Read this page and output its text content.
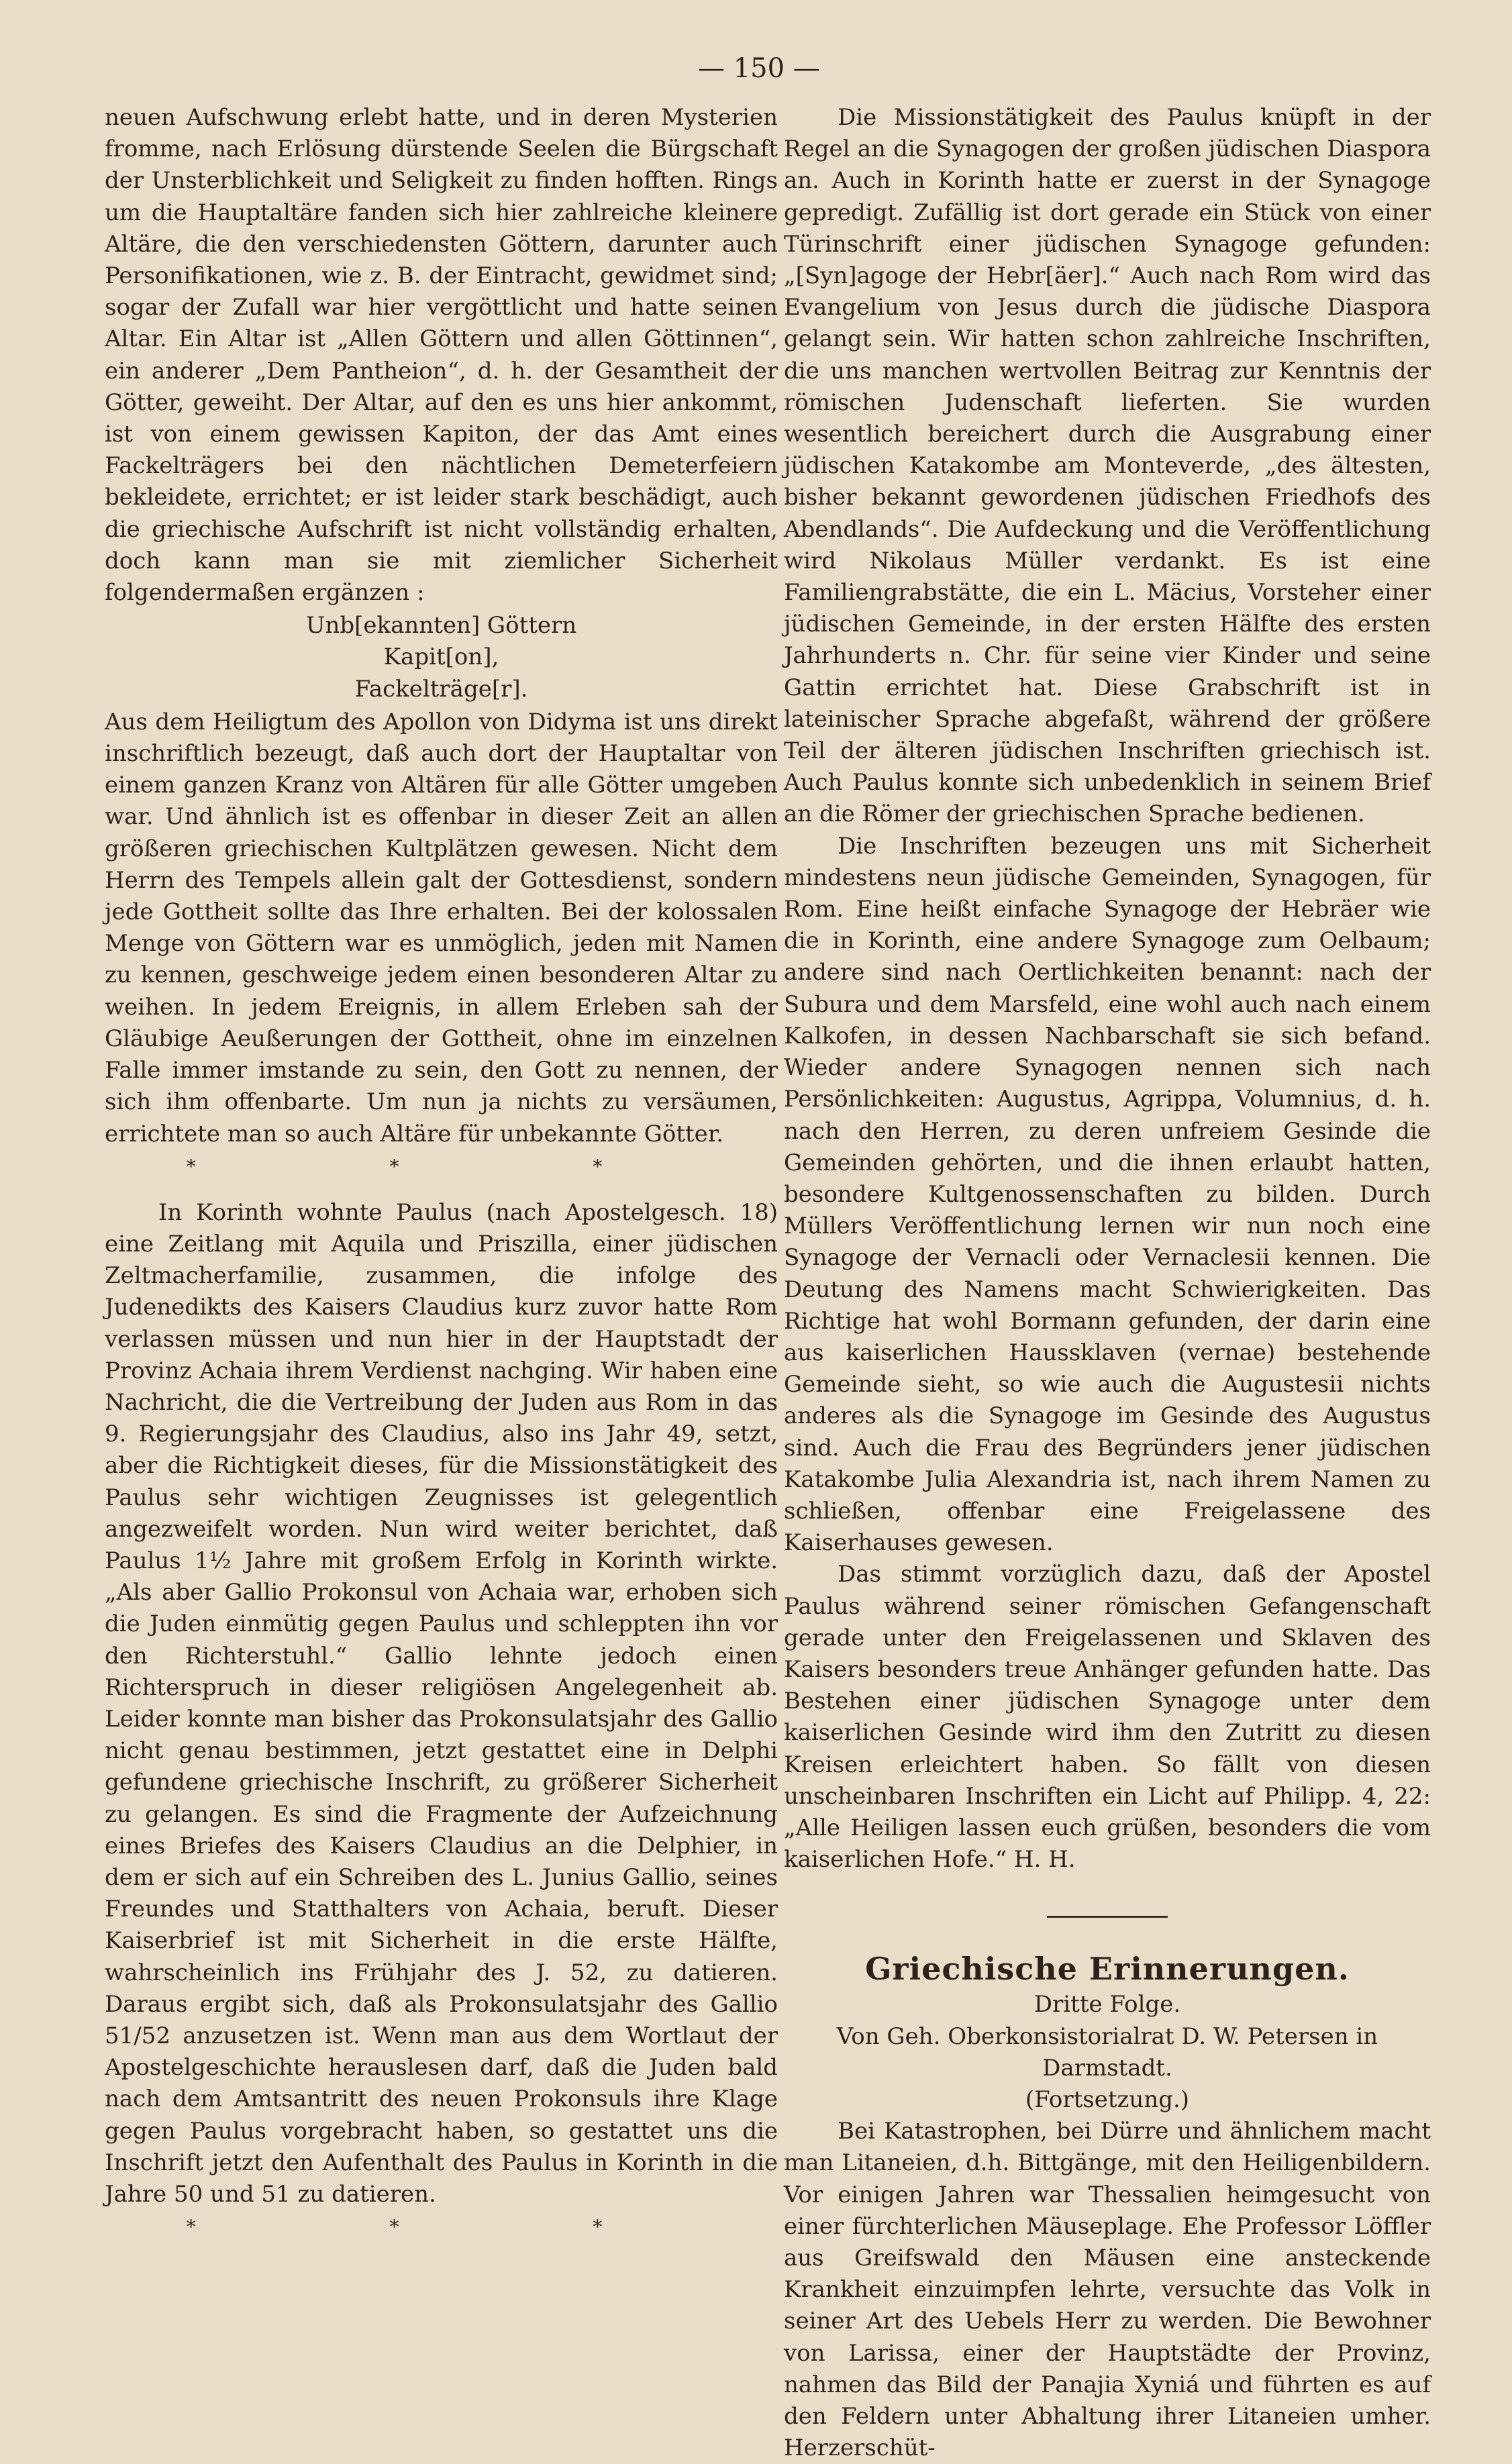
— 150 —

neuen Aufschwung erlebt hatte, und in deren Mysterien fromme, nach Erlösung dürstende Seelen die Bürgschaft der Unsterblichkeit und Seligkeit zu finden hofften. Rings um die Hauptaltäre fanden sich hier zahlreiche kleinere Altäre, die den verschiedensten Göttern, darunter auch Personifikationen, wie z. B. der Eintracht, gewidmet sind; sogar der Zufall war hier vergöttlicht und hatte seinen Altar. Ein Altar ist „Allen Göttern und allen Göttinnen“, ein anderer „Dem Pantheion“, d. h. der Gesamtheit der Götter, geweiht. Der Altar, auf den es uns hier ankommt, ist von einem gewissen Kapiton, der das Amt eines Fackelträgers bei den nächtlichen Demeterfeiern bekleidete, errichtet; er ist leider stark beschädigt, auch die griechische Aufschrift ist nicht vollständig erhalten, doch kann man sie mit ziemlicher Sicherheit folgendermaßen ergänzen :

Unb[ekannten] Göttern
Kapit[on],
Fackelträge[r].

Aus dem Heiligtum des Apollon von Didyma ist uns direkt inschriftlich bezeugt, daß auch dort der Hauptaltar von einem ganzen Kranz von Altären für alle Götter umgeben war. Und ähnlich ist es offenbar in dieser Zeit an allen größeren griechischen Kultplätzen gewesen. Nicht dem Herrn des Tempels allein galt der Gottesdienst, sondern jede Gottheit sollte das Ihre erhalten. Bei der kolossalen Menge von Göttern war es unmöglich, jeden mit Namen zu kennen, geschweige jedem einen besonderen Altar zu weihen. In jedem Ereignis, in allem Erleben sah der Gläubige Aeußerungen der Gottheit, ohne im einzelnen Falle immer imstande zu sein, den Gott zu nennen, der sich ihm offenbarte. Um nun ja nichts zu versäumen, errichtete man so auch Altäre für unbekannte Götter.

* * *

In Korinth wohnte Paulus (nach Apostelgesch. 18) eine Zeitlang mit Aquila und Priszilla, einer jüdischen Zeltmacherfamilie, zusammen, die infolge des Judenedikts des Kaisers Claudius kurz zuvor hatte Rom verlassen müssen und nun hier in der Hauptstadt der Provinz Achaia ihrem Verdienst nachging. Wir haben eine Nachricht, die die Vertreibung der Juden aus Rom in das 9. Regierungsjahr des Claudius, also ins Jahr 49, setzt, aber die Richtigkeit dieses, für die Missionstätigkeit des Paulus sehr wichtigen Zeugnisses ist gelegentlich angezweifelt worden. Nun wird weiter berichtet, daß Paulus 1½ Jahre mit großem Erfolg in Korinth wirkte. „Als aber Gallio Prokonsul von Achaia war, erhoben sich die Juden einmütig gegen Paulus und schleppten ihn vor den Richterstuhl.“ Gallio lehnte jedoch einen Richterspruch in dieser religiösen Angelegenheit ab. Leider konnte man bisher das Prokonsulatsjahr des Gallio nicht genau bestimmen, jetzt gestattet eine in Delphi gefundene griechische Inschrift, zu größerer Sicherheit zu gelangen. Es sind die Fragmente der Aufzeichnung eines Briefes des Kaisers Claudius an die Delphier, in dem er sich auf ein Schreiben des L. Junius Gallio, seines Freundes und Statthalters von Achaia, beruft. Dieser Kaiserbrief ist mit Sicherheit in die erste Hälfte, wahrscheinlich ins Frühjahr des J. 52, zu datieren. Daraus ergibt sich, daß als Prokonsulatsjahr des Gallio 51/52 anzusetzen ist. Wenn man aus dem Wortlaut der Apostelgeschichte herauslesen darf, daß die Juden bald nach dem Amtsantritt des neuen Prokonsuls ihre Klage gegen Paulus vorgebracht haben, so gestattet uns die Inschrift jetzt den Aufenthalt des Paulus in Korinth in die Jahre 50 und 51 zu datieren.

* * *

Die Missionstätigkeit des Paulus knüpft in der Regel an die Synagogen der großen jüdischen Diaspora an. Auch in Korinth hatte er zuerst in der Synagoge gepredigt. Zufällig ist dort gerade ein Stück von einer Türinschrift einer jüdischen Synagoge gefunden: „[Syn]agoge der Hebr[äer].“ Auch nach Rom wird das Evangelium von Jesus durch die jüdische Diaspora gelangt sein. Wir hatten schon zahlreiche Inschriften, die uns manchen wertvollen Beitrag zur Kenntnis der römischen Judenschaft lieferten. Sie wurden wesentlich bereichert durch die Ausgrabung einer jüdischen Katakombe am Monteverde, „des ältesten, bisher bekannt gewordenen jüdischen Friedhofs des Abendlands“. Die Aufdeckung und die Veröffentlichung wird Nikolaus Müller verdankt. Es ist eine Familiengrabstätte, die ein L. Mäcius, Vorsteher einer jüdischen Gemeinde, in der ersten Hälfte des ersten Jahrhunderts n. Chr. für seine vier Kinder und seine Gattin errichtet hat. Diese Grabschrift ist in lateinischer Sprache abgefaßt, während der größere Teil der älteren jüdischen Inschriften griechisch ist. Auch Paulus konnte sich unbedenklich in seinem Brief an die Römer der griechischen Sprache bedienen.

Die Inschriften bezeugen uns mit Sicherheit mindestens neun jüdische Gemeinden, Synagogen, für Rom. Eine heißt einfache Synagoge der Hebräer wie die in Korinth, eine andere Synagoge zum Oelbaum; andere sind nach Oertlichkeiten benannt: nach der Subura und dem Marsfeld, eine wohl auch nach einem Kalkofen, in dessen Nachbarschaft sie sich befand. Wieder andere Synagogen nennen sich nach Persönlichkeiten: Augustus, Agrippa, Volumnius, d. h. nach den Herren, zu deren unfreiem Gesinde die Gemeinden gehörten, und die ihnen erlaubt hatten, besondere Kultgenossenschaften zu bilden. Durch Müllers Veröffentlichung lernen wir nun noch eine Synagoge der Vernacli oder Vernaclesii kennen. Die Deutung des Namens macht Schwierigkeiten. Das Richtige hat wohl Bormann gefunden, der darin eine aus kaiserlichen Haussklaven (vernae) bestehende Gemeinde sieht, so wie auch die Augustesii nichts anderes als die Synagoge im Gesinde des Augustus sind. Auch die Frau des Begründers jener jüdischen Katakombe Julia Alexandria ist, nach ihrem Namen zu schließen, offenbar eine Freigelassene des Kaiserhauses gewesen.

Das stimmt vorzüglich dazu, daß der Apostel Paulus während seiner römischen Gefangenschaft gerade unter den Freigelassenen und Sklaven des Kaisers besonders treue Anhänger gefunden hatte. Das Bestehen einer jüdischen Synagoge unter dem kaiserlichen Gesinde wird ihm den Zutritt zu diesen Kreisen erleichtert haben. So fällt von diesen unscheinbaren Inschriften ein Licht auf Philipp. 4, 22: „Alle Heiligen lassen euch grüßen, besonders die vom kaiserlichen Hofe.“ H. H.

Griechische Erinnerungen.
Dritte Folge.
Von Geh. Oberkonsistorialrat D. W. Petersen in Darmstadt.
(Fortsetzung.)

Bei Katastrophen, bei Dürre und ähnlichem macht man Litaneien, d.h. Bittgänge, mit den Heiligenbildern. Vor einigen Jahren war Thessalien heimgesucht von einer fürchterlichen Mäuseplage. Ehe Professor Löffler aus Greifswald den Mäusen eine ansteckende Krankheit einzuimpfen lehrte, versuchte das Volk in seiner Art des Uebels Herr zu werden. Die Bewohner von Larissa, einer der Hauptstädte der Provinz, nahmen das Bild der Panajia Xyniá und führten es auf den Feldern unter Abhaltung ihrer Litaneien umher. Herzerschüt-
